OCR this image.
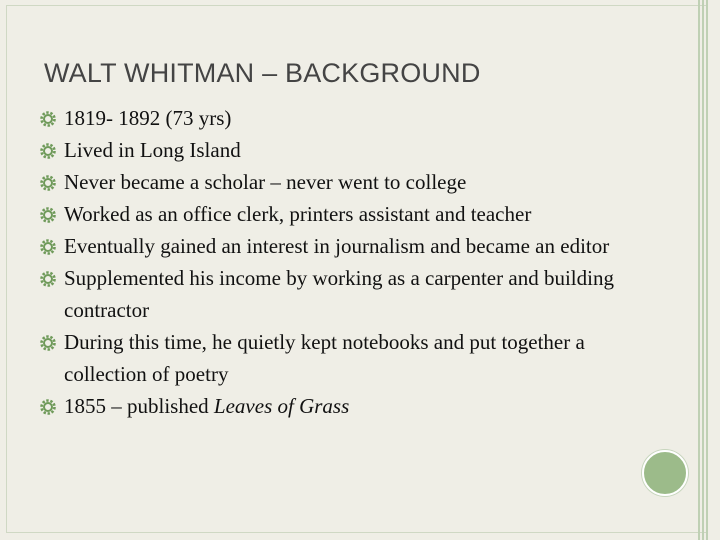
WALT WHITMAN – BACKGROUND
1819- 1892 (73 yrs)
Lived in Long Island
Never became a scholar – never went to college
Worked as an office clerk, printers assistant and teacher
Eventually gained an interest in journalism and became an editor
Supplemented his income by working as a carpenter and building contractor
During this time, he quietly kept notebooks and put together a collection of poetry
1855 – published Leaves of Grass
